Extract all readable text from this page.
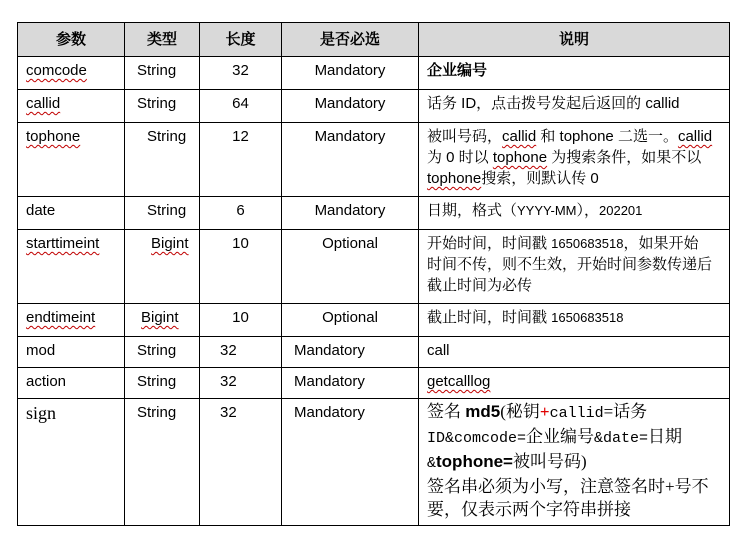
参数	类型	长度	是否必选	说明

comcode	String	32	Mandatory	企业编号

callid	String	64	Mandatory	话务 ID，点击拨号发起后返回的 callid

tophone	String	12	Mandatory	被叫号码，callid 和 tophone 二选一。callid
为 0 时以 tophone 为搜索条件，如果不以
tophone搜索，则默认传 0

date	String	6	Mandatory	日期，格式（YYYY-MM），202201

starttimeint	Bigint	10	Optional	开始时间，时间戳 1650683518，如果开始
时间不传，则不生效，开始时间参数传递后
截止时间为必传

endtimeint	Bigint	10	Optional	截止时间，时间戳 1650683518

mod	String	32	Mandatory	call

action	String	32	Mandatory	getcalllog

sign	String	32	Mandatory	签名 md5(秘钥+callid=话务
ID&comcode=企业编号&date=日期
&tophone=被叫号码)
签名串必须为小写，注意签名时+号不
要，仅表示两个字符串拼接
